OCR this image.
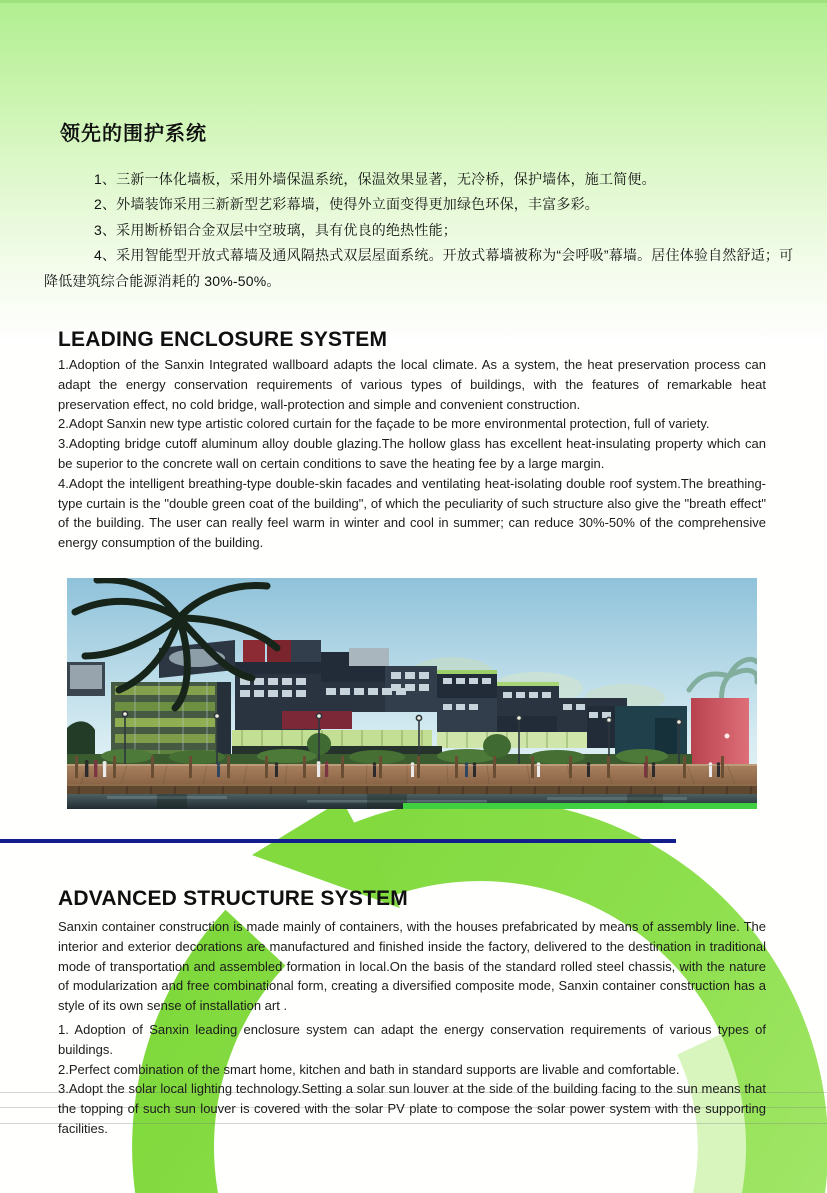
领先的围护系统

1、三新一体化墙板，采用外墙保温系统，保温效果显著，无冷桥，保护墙体，施工简便。

2、外墙装饰采用三新新型艺彩幕墙，使得外立面变得更加绿色环保，丰富多彩。

3、采用断桥铝合金双层中空玻璃，具有优良的绝热性能；

4、采用智能型开放式幕墙及通风隔热式双层屋面系统。开放式幕墙被称为“会呼吸”幕墙。居住体验自然舒适；可降低建筑综合能源消耗的 30%-50%。

LEADING ENCLOSURE SYSTEM

1.Adoption of the Sanxin Integrated wallboard adapts the local climate. As a system, the heat preservation process can adapt the energy conservation requirements of various types of buildings, with the features of remarkable heat preservation effect, no cold bridge, wall-protection and simple and convenient construction.

2.Adopt Sanxin new type artistic colored curtain for the façade to be more environmental protection, full of variety.

3.Adopting bridge cutoff aluminum alloy double glazing.The hollow glass has excellent heat-insulating property which can be superior to the concrete wall on certain conditions to save the heating fee by a large margin.

4.Adopt the intelligent breathing-type double-skin facades and ventilating heat-isolating double roof system.The breathing-type curtain is the "double green coat of the building", of which the peculiarity of such structure also give the "breath effect" of the building. The user can really feel warm in winter and cool in summer; can reduce 30%-50% of the comprehensive energy consumption of the building.

ADVANCED STRUCTURE SYSTEM

Sanxin container construction is made mainly of containers, with the houses prefabricated by means of assembly line. The interior and exterior decorations are manufactured and finished inside the factory, delivered to the destination in traditional mode of transportation and assembled formation in local.On the basis of the standard rolled steel chassis, with the nature of modularization and free combinational form, creating a diversified composite mode, Sanxin container construction has a style of its own sense of installation art .

1. Adoption of Sanxin leading enclosure system can adapt the energy conservation requirements of various types of buildings.

2.Perfect combination of the smart home, kitchen and bath in standard supports are livable and comfortable.

3.Adopt the solar local lighting technology.Setting a solar sun louver at the side of the building facing to the sun means that the topping of such sun louver is covered with the solar PV plate to compose the solar power system with the supporting facilities.
